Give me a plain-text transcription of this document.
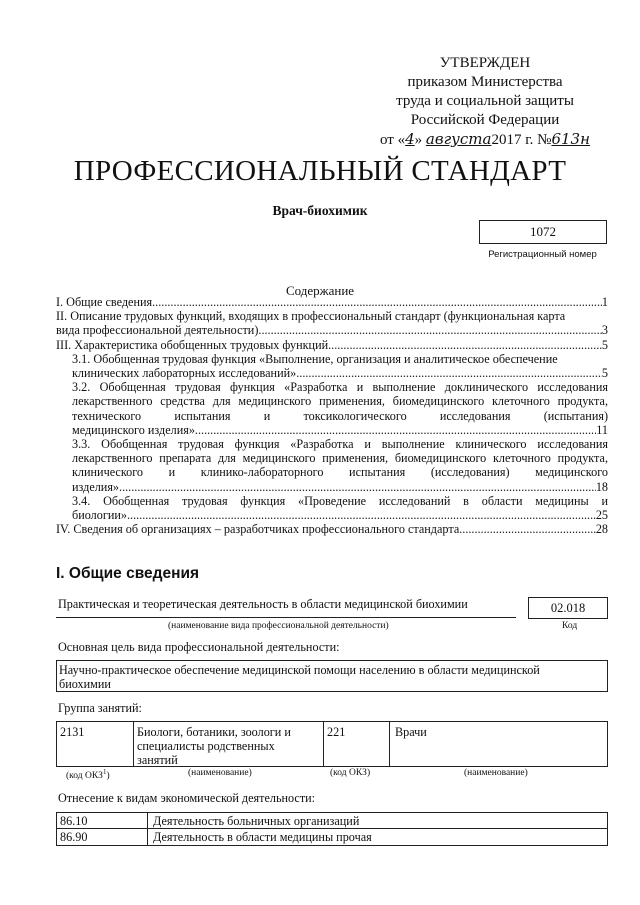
УТВЕРЖДЕН
приказом Министерства
труда и социальной защиты
Российской Федерации
от «4» августа2017 г. №613н
ПРОФЕССИОНАЛЬНЫЙ СТАНДАРТ
Врач-биохимик
1072
Регистрационный номер
Содержание
I. Общие сведения .....	1

II. Описание трудовых функций, входящих в профессиональный стандарт (функциональная карта

вида профессиональной деятельности) .....	3
III. Характеристика обобщенных трудовых функций .....	5

3.1. Обобщенная трудовая функция «Выполнение, организация и аналитическое обеспечение

клинических лабораторных исследований» .....	5

3.2. Обобщенная трудовая функция «Разработка и выполнение доклинического исследования лекарственного средства для медицинского применения, биомедицинского клеточного продукта, технического испытания и токсикологического исследования (испытания)

медицинского изделия» .....	11

3.3. Обобщенная трудовая функция «Разработка и выполнение клинического исследования лекарственного препарата для медицинского применения, биомедицинского клеточного продукта, клинического и клинико-лабораторного испытания (исследования) медицинского

изделия» .....	18

3.4. Обобщенная трудовая функция «Проведение исследований в области медицины и

биологии» .....	25
IV. Сведения об организациях – разработчиках профессионального стандарта .....	28
I. Общие сведения
Практическая и теоретическая деятельность в области медицинской биохимии
(наименование вида профессиональной деятельности)
02.018
Код
Основная цель вида профессиональной деятельности:
Научно-практическое обеспечение медицинской помощи населению в области медицинской
биохимии
Группа занятий:
2131	Биологи, ботаники, зоологи и
специалисты родственных
занятий
221	Врачи
(код ОКЗ$^1$)	(наименование)	(код ОКЗ)	(наименование)
Отнесение к видам экономической деятельности:
86.10	Деятельность больничных организаций
86.90	Деятельность в области медицины прочая
